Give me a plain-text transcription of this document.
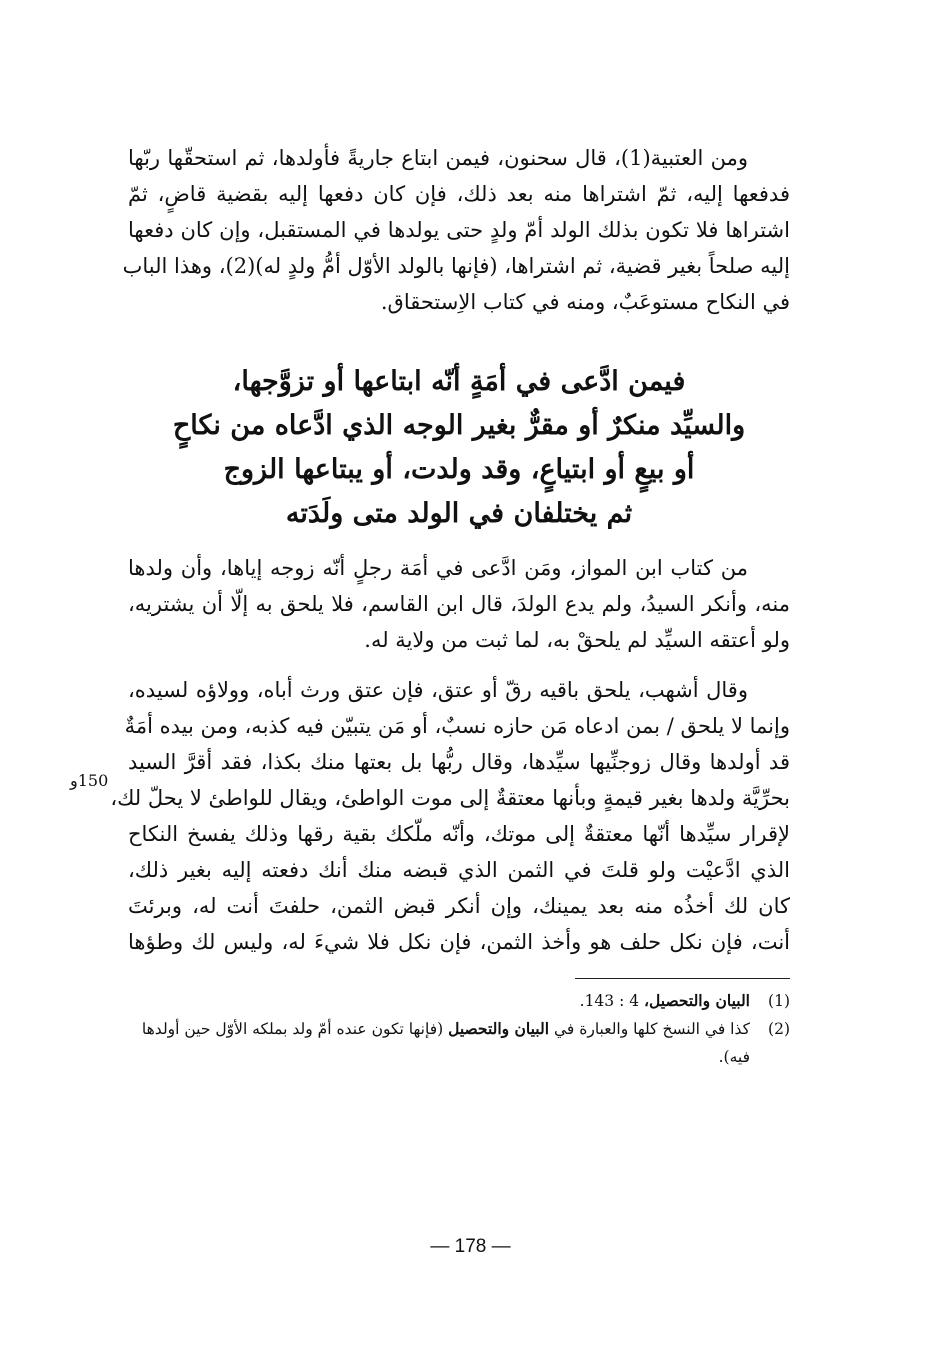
ومن العتبية(1)، قال سحنون، فيمن ابتاع جاريةً فأولدها، ثم استحقّها ربّها
فدفعها إليه، ثمّ اشتراها منه بعد ذلك، فإن كان دفعها إليه بقضية قاضٍ، ثمّ
اشتراها فلا تكون بذلك الولد أمّ ولدٍ حتى يولدها في المستقبل، وإن كان دفعها
إليه صلحاً بغير قضية، ثم اشتراها، (فإنها بالولد الأوّل أمُّ ولدٍ له)(2)، وهذا الباب
في النكاح مستوعَبٌ، ومنه في كتاب الاِستحقاق.

فيمن ادَّعى في أمَةٍ أنّه ابتاعها أو تزوَّجها،
والسيِّد منكرٌ أو مقرٌّ بغير الوجه الذي ادَّعاه من نكاحٍ
أو بيعٍ أو ابتياعٍ، وقد ولدت، أو يبتاعها الزوج
ثم يختلفان في الولد متى ولَدَته

من كتاب ابن المواز، ومَن ادَّعى في أمَة رجلٍ أنّه زوجه إياها، وأن ولدها
منه، وأنكر السيدُ، ولم يدع الولدَ، قال ابن القاسم، فلا يلحق به إلّا أن يشتريه،
ولو أعتقه السيِّد لم يلحقْ به، لما ثبت من ولاية له.

وقال أشهب، يلحق باقيه رقّ أو عتق، فإن عتق ورث أباه، وولاؤه لسيده،
وإنما لا يلحق / بمن ادعاه مَن حازه نسبٌ، أو مَن يتبيّن فيه كذبه، ومن بيده أمَةٌ
قد أولدها وقال زوجنِّيها سيِّدها، وقال ربُّها بل بعتها منك بكذا، فقد أقرَّ السيد
بحرِّيَّة ولدها بغير قيمةٍ وبأنها معتقةٌ إلى موت الواطئ، ويقال للواطئ لا يحلّ لك،
لإقرار سيِّدها أنّها معتقةٌ إلى موتك، وأنّه ملّكك بقية رقها وذلك يفسخ النكاح
الذي ادَّعيْت ولو قلتَ في الثمن الذي قبضه منك أنك دفعته إليه بغير ذلك،
كان لك أخذُه منه بعد يمينك، وإن أنكر قبض الثمن، حلفتَ أنت له، وبرئتَ
أنت، فإن نكل حلف هو وأخذ الثمن، فإن نكل فلا شيءَ له، وليس لك وطؤها

(1)
البيان والتحصيل، 4 : 143.
(2)
كذا في النسخ كلها والعبارة في البيان والتحصيل (فإنها تكون عنده أمّ ولد بملكه الأوّل حين أولدها فيه).
150و
— 178 —
